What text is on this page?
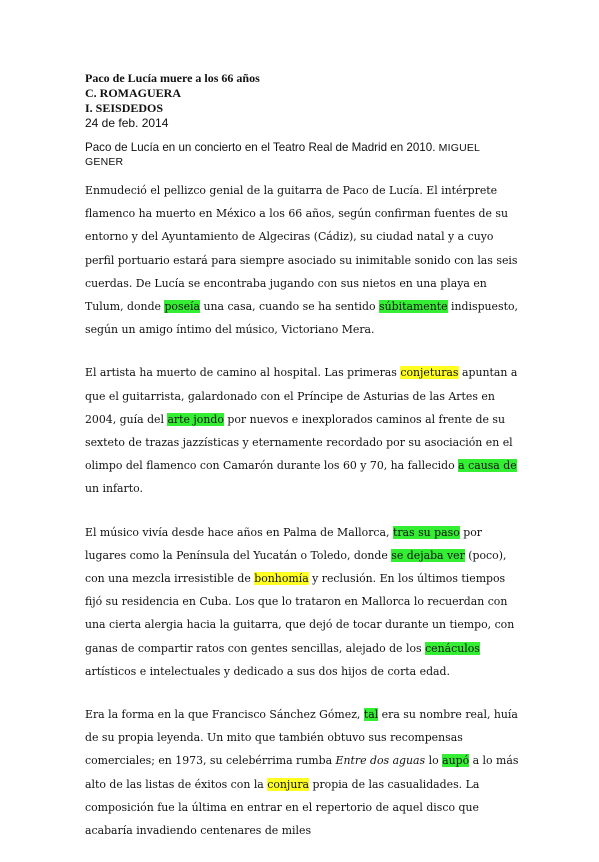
Paco de Lucía muere a los 66 años

C. ROMAGUERA

I. SEISDEDOS

24 de feb. 2014

Paco de Lucía en un concierto en el Teatro Real de Madrid en 2010. MIGUEL GENER

Enmudeció el pellizco genial de la guitarra de Paco de Lucía. El intérprete flamenco ha muerto en México a los 66 años, según confirman fuentes de su entorno y del Ayuntamiento de Algeciras (Cádiz), su ciudad natal y a cuyo perfil portuario estará para siempre asociado su inimitable sonido con las seis cuerdas. De Lucía se encontraba jugando con sus nietos en una playa en Tulum, donde poseía una casa, cuando se ha sentido súbitamente indispuesto, según un amigo íntimo del músico, Victoriano Mera.

El artista ha muerto de camino al hospital. Las primeras conjeturas apuntan a que el guitarrista, galardonado con el Príncipe de Asturias de las Artes en 2004, guía del arte jondo por nuevos e inexplorados caminos al frente de su sexteto de trazas jazzísticas y eternamente recordado por su asociación en el olimpo del flamenco con Camarón durante los 60 y 70, ha fallecido a causa de un infarto.

El músico vivía desde hace años en Palma de Mallorca, tras su paso por lugares como la Península del Yucatán o Toledo, donde se dejaba ver (poco), con una mezcla irresistible de bonhomía y reclusión. En los últimos tiempos fijó su residencia en Cuba. Los que lo trataron en Mallorca lo recuerdan con una cierta alergia hacia la guitarra, que dejó de tocar durante un tiempo, con ganas de compartir ratos con gentes sencillas, alejado de los cenáculos artísticos e intelectuales y dedicado a sus dos hijos de corta edad.

Era la forma en la que Francisco Sánchez Gómez, tal era su nombre real, huía de su propia leyenda. Un mito que también obtuvo sus recompensas comerciales; en 1973, su celebérrima rumba Entre dos aguas lo aupó a lo más alto de las listas de éxitos con la conjura propia de las casualidades. La composición fue la última en entrar en el repertorio de aquel disco que acabaría invadiendo centenares de miles
